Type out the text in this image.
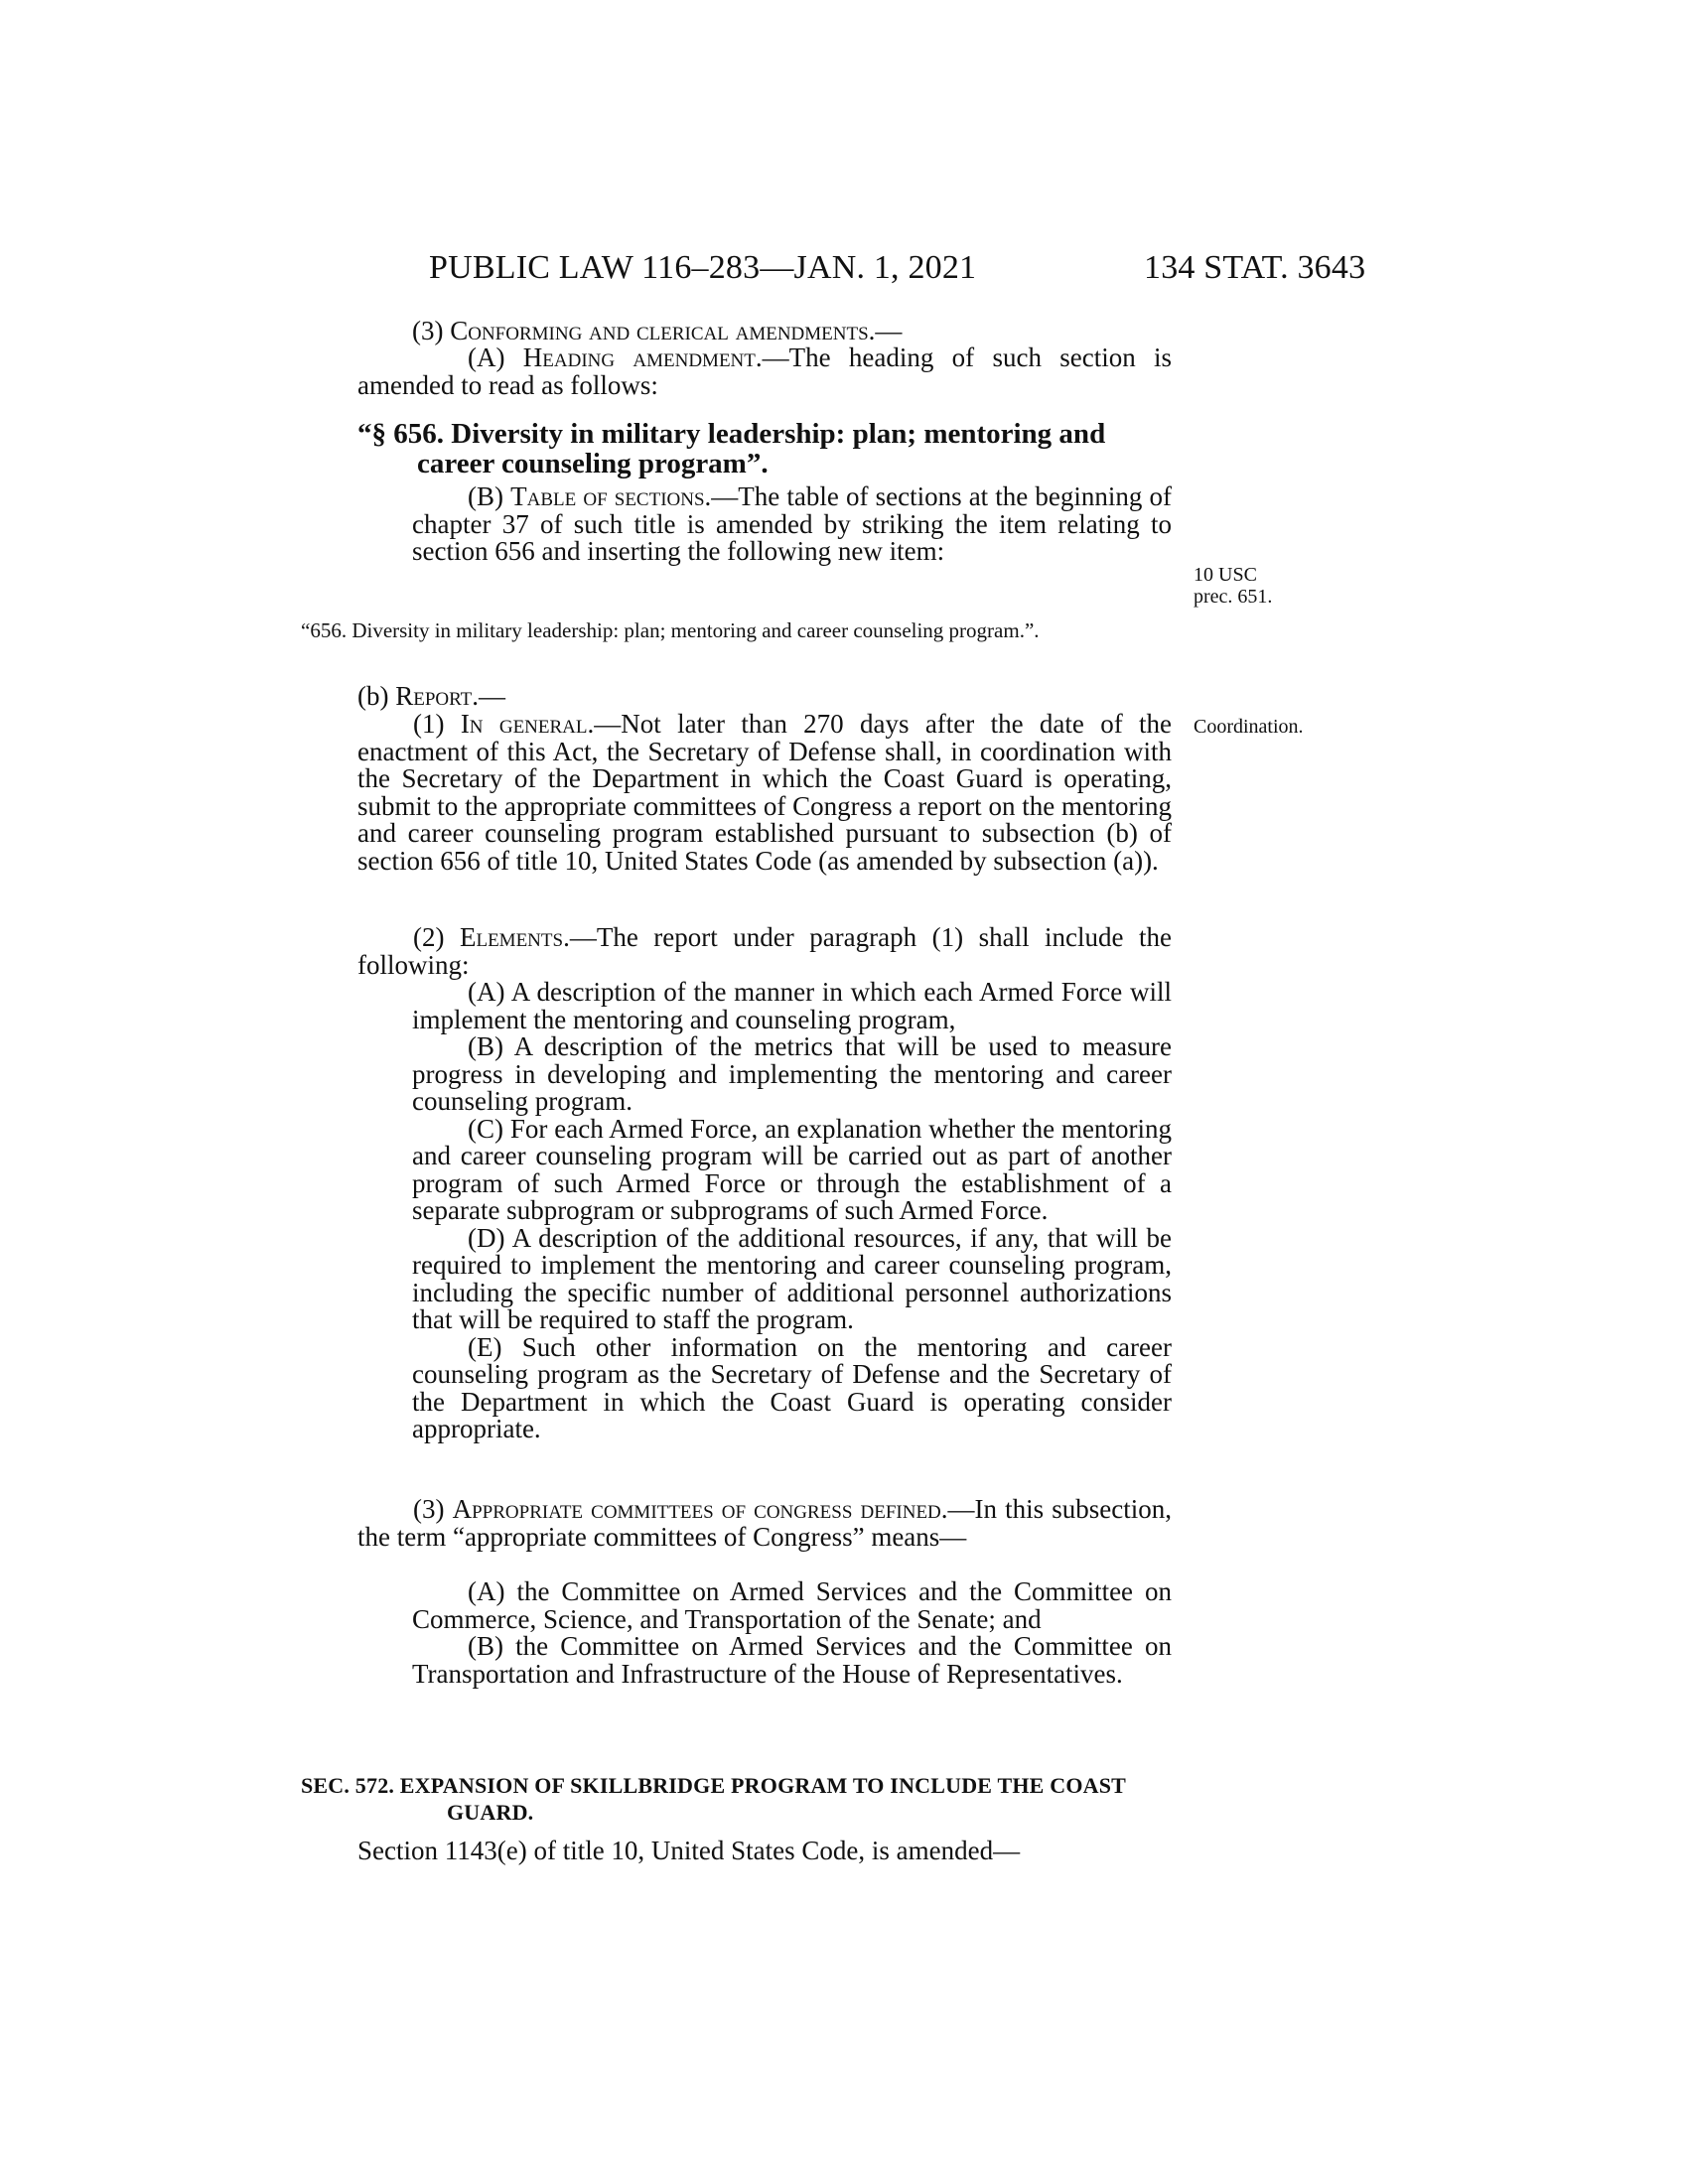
PUBLIC LAW 116–283—JAN. 1, 2021	134 STAT. 3643

(3) Conforming and clerical amendments.—

(A) Heading amendment.—The heading of such section is amended to read as follows:

“§ 656. Diversity in military leadership: plan; mentoring and career counseling program”.

(B) Table of sections.—The table of sections at the beginning of chapter 37 of such title is amended by striking the item relating to section 656 and inserting the following new item:

10 USC
prec. 651.

“656. Diversity in military leadership: plan; mentoring and career counseling program.”.

(b) Report.—

(1) In general.—Not later than 270 days after the date of the enactment of this Act, the Secretary of Defense shall, in coordination with the Secretary of the Department in which the Coast Guard is operating, submit to the appropriate committees of Congress a report on the mentoring and career counseling program established pursuant to subsection (b) of section 656 of title 10, United States Code (as amended by subsection (a)).

Coordination.

(2) Elements.—The report under paragraph (1) shall include the following:

(A) A description of the manner in which each Armed Force will implement the mentoring and counseling program,

(B) A description of the metrics that will be used to measure progress in developing and implementing the mentoring and career counseling program.

(C) For each Armed Force, an explanation whether the mentoring and career counseling program will be carried out as part of another program of such Armed Force or through the establishment of a separate subprogram or subprograms of such Armed Force.

(D) A description of the additional resources, if any, that will be required to implement the mentoring and career counseling program, including the specific number of additional personnel authorizations that will be required to staff the program.

(E) Such other information on the mentoring and career counseling program as the Secretary of Defense and the Secretary of the Department in which the Coast Guard is operating consider appropriate.

(3) Appropriate committees of congress defined.—In this subsection, the term “appropriate committees of Congress” means—

(A) the Committee on Armed Services and the Committee on Commerce, Science, and Transportation of the Senate; and

(B) the Committee on Armed Services and the Committee on Transportation and Infrastructure of the House of Representatives.

SEC. 572. EXPANSION OF SKILLBRIDGE PROGRAM TO INCLUDE THE COAST GUARD.

Section 1143(e) of title 10, United States Code, is amended—
